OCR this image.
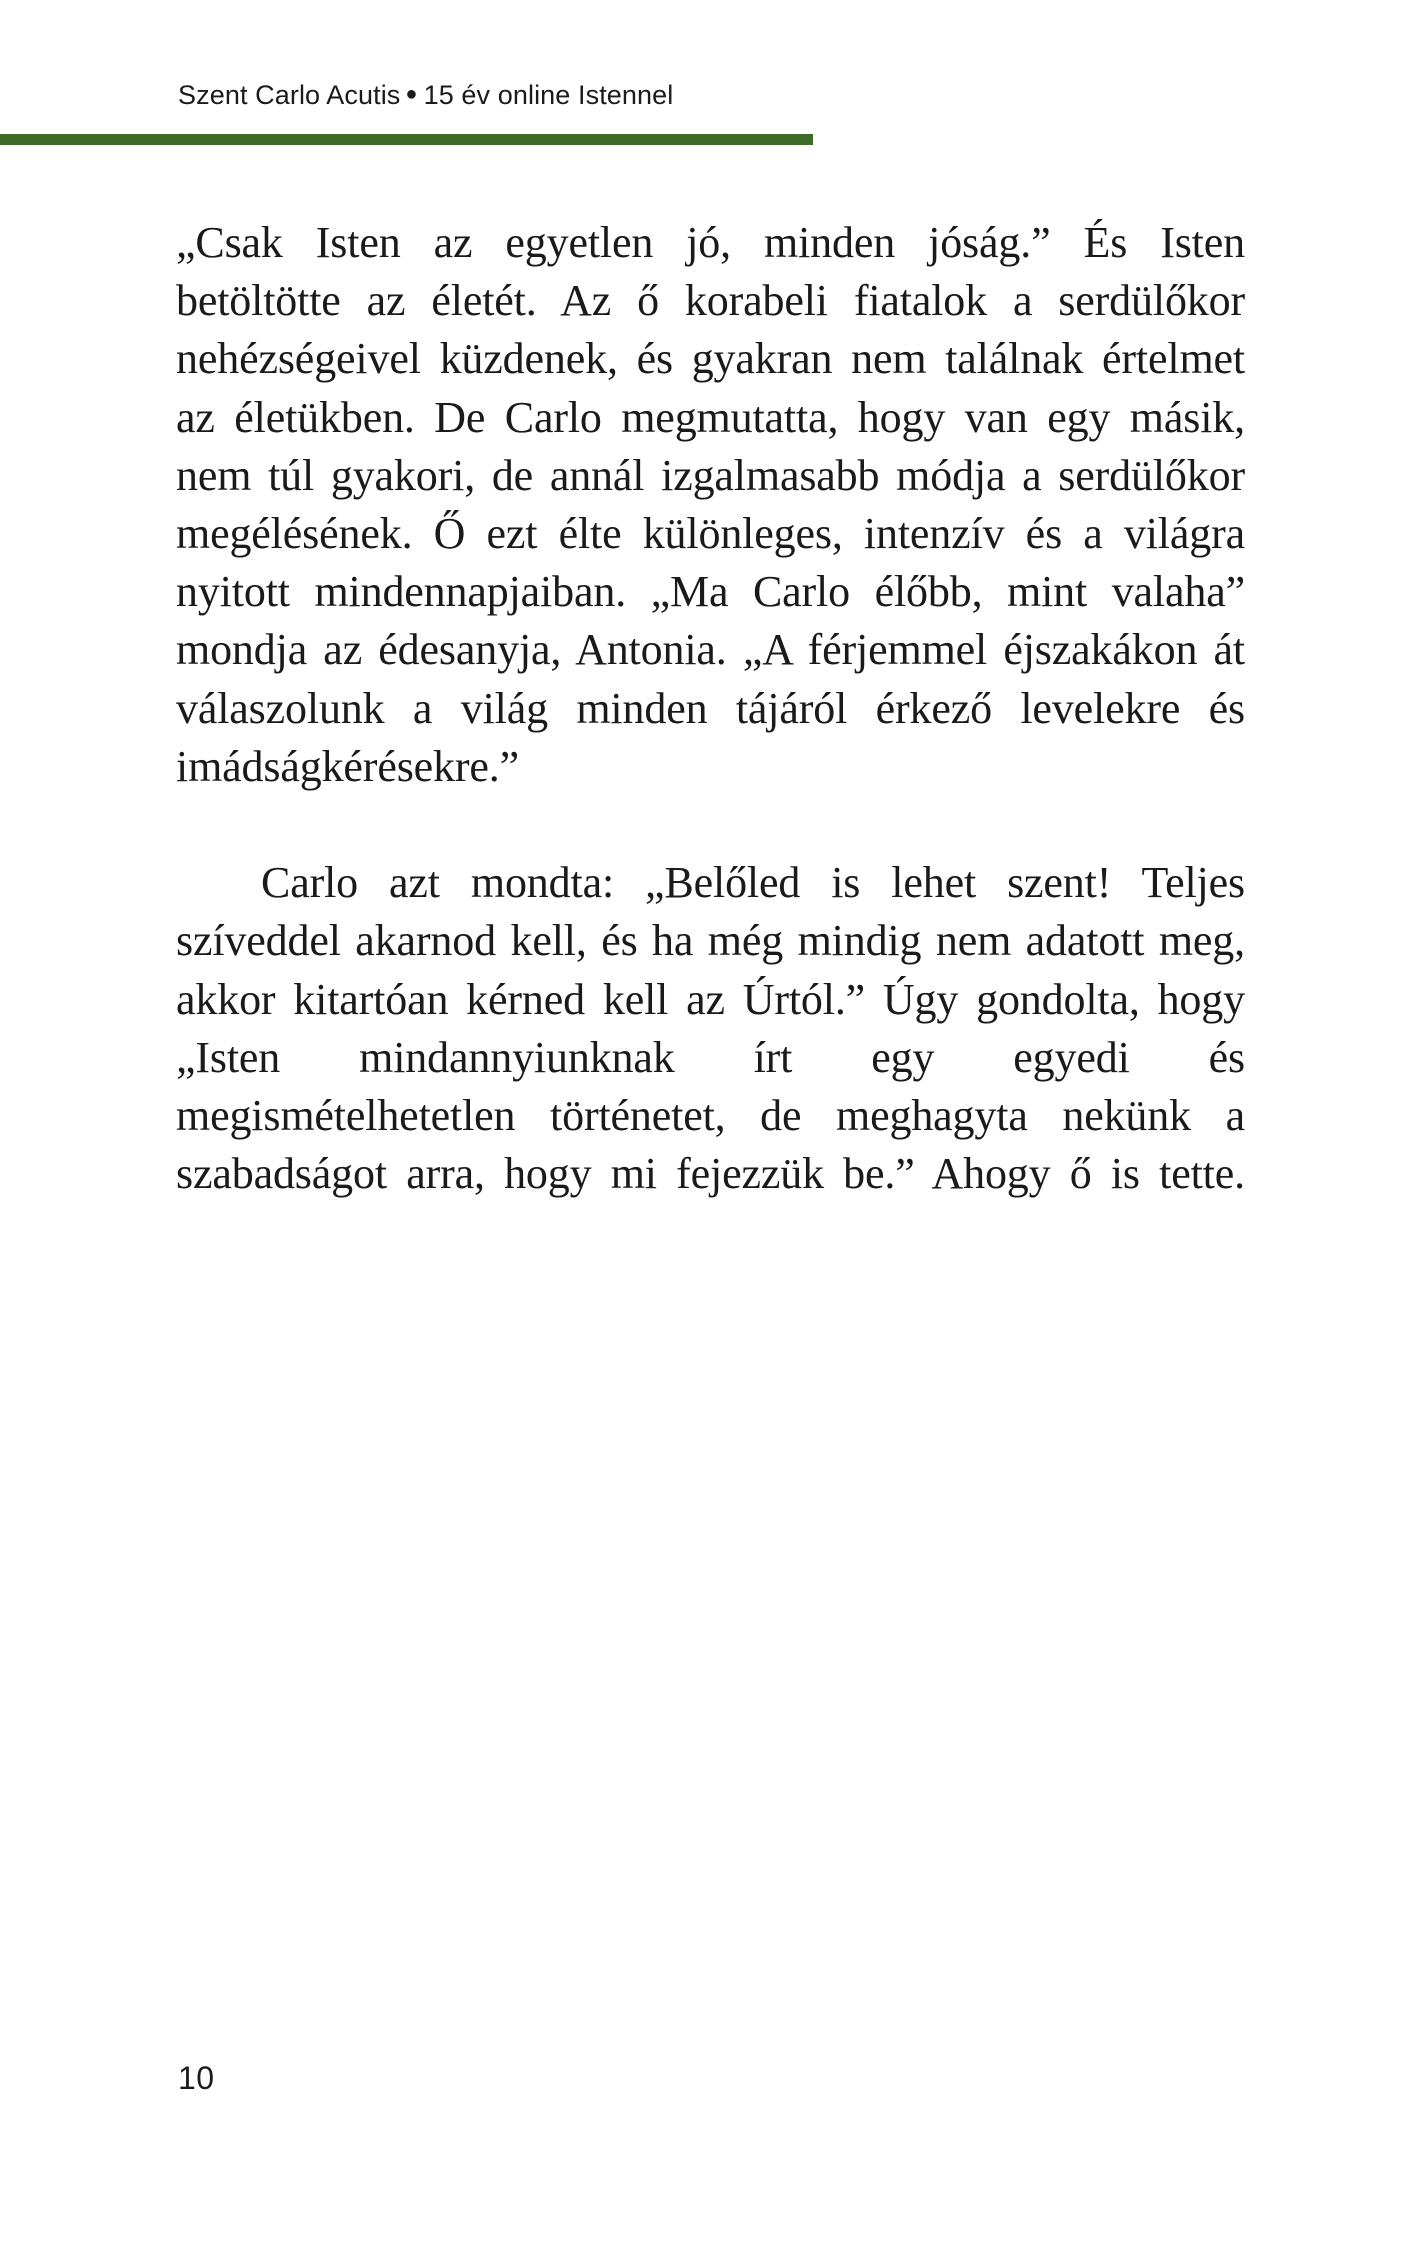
Szent Carlo Acutis ● 15 év online Istennel

„Csak Isten az egyetlen jó, minden jóság.” És Isten betöltötte az életét. Az ő korabeli fiatalok a serdülőkor nehézségeivel küzdenek, és gyakran nem találnak értelmet az életükben. De Carlo megmutatta, hogy van egy másik, nem túl gyakori, de annál izgalmasabb módja a serdülőkor megélésének. Ő ezt élte különleges, intenzív és a világra nyitott mindennapjaiban. „Ma Carlo élőbb, mint valaha” mondja az édesanyja, Antonia. „A férjemmel éjszakákon át válaszolunk a világ minden tájáról érkező levelekre és imádságkérésekre.”

Carlo azt mondta: „Belőled is lehet szent! Teljes szíveddel akarnod kell, és ha még mindig nem adatott meg, akkor kitartóan kérned kell az Úrtól.” Úgy gondolta, hogy „Isten mindannyiunknak írt egy egyedi és megismételhetetlen történetet, de meghagyta nekünk a szabadságot arra, hogy mi fejezzük be.” Ahogy ő is tette.

10
